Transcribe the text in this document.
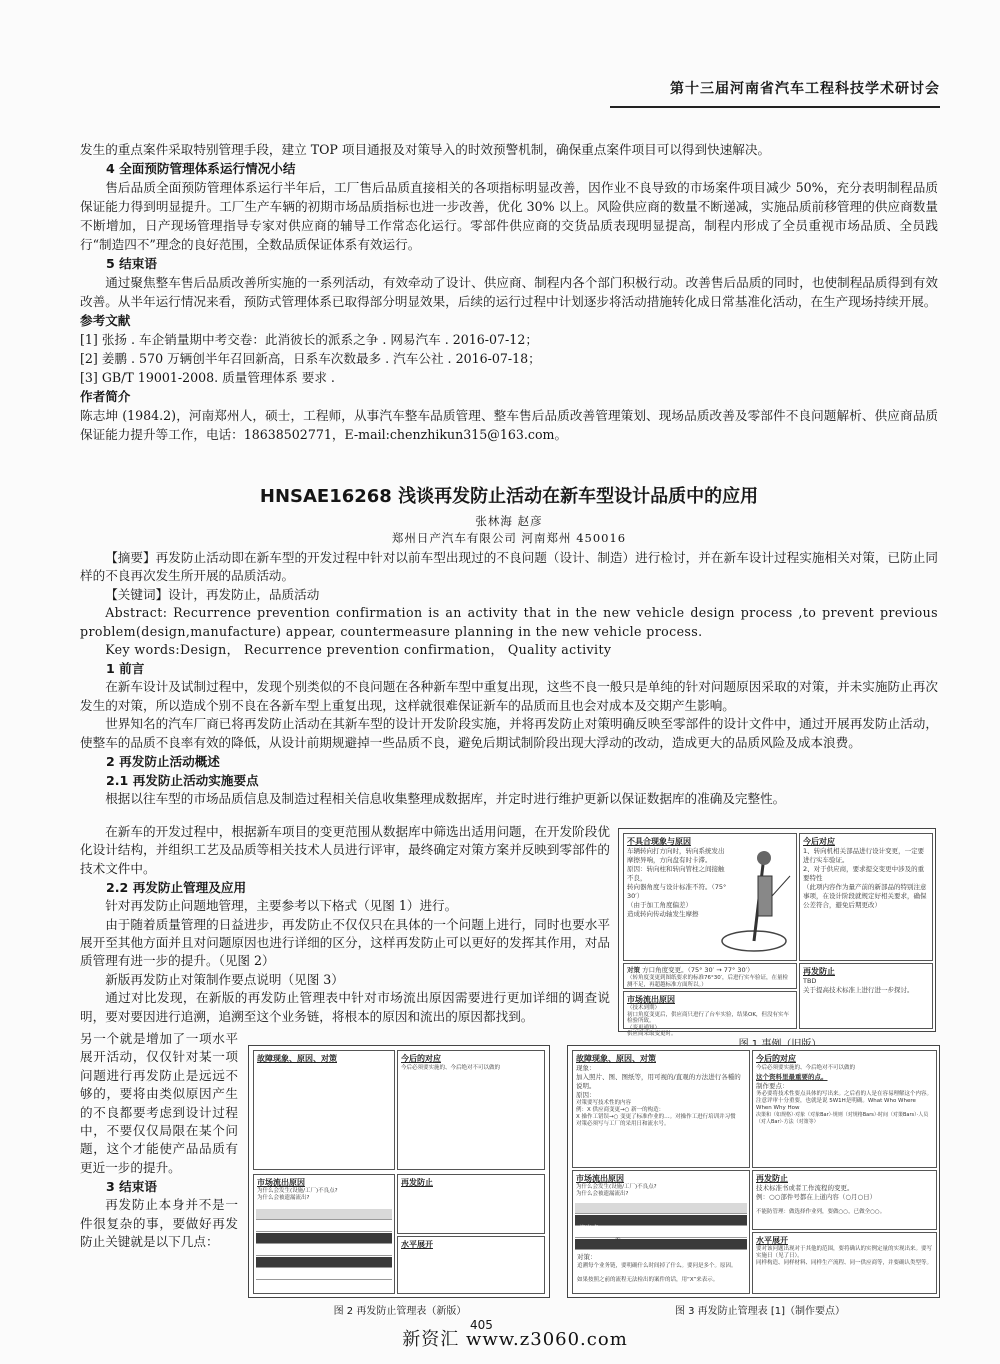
第十三届河南省汽车工程科技学术研讨会

发生的重点案件采取特别管理手段，建立 TOP 项目通报及对策导入的时效预警机制，确保重点案件项目可以得到快速解决。

4 全面预防管理体系运行情况小结

售后品质全面预防管理体系运行半年后，工厂售后品质直接相关的各项指标明显改善，因作业不良导致的市场案件项目减少 50%，充分表明制程品质保证能力得到明显提升。工厂生产车辆的初期市场品质指标也进一步改善，优化 30% 以上。风险供应商的数量不断递减，实施品质前移管理的供应商数量不断增加，日产现场管理指导专家对供应商的辅导工作常态化运行。零部件供应商的交货品质表现明显提高，制程内形成了全员重视市场品质、全员践行“制造四不”理念的良好范围，全数品质保证体系有效运行。

5 结束语

通过聚焦整车售后品质改善所实施的一系列活动，有效牵动了设计、供应商、制程内各个部门积极行动。改善售后品质的同时，也使制程品质得到有效改善。从半年运行情况来看，预防式管理体系已取得部分明显效果，后续的运行过程中计划逐步将活动措施转化成日常基准化活动，在生产现场持续开展。

参考文献

[1] 张扬 . 车企销量期中考交卷：此消彼长的派系之争 . 网易汽车 . 2016-07-12；

[2] 姜鹏 . 570 万辆创半年召回新高，日系车次数最多 . 汽车公社 . 2016-07-18；

[3] GB/T 19001-2008. 质量管理体系 要求 .

作者简介

陈志坤 (1984.2)，河南郑州人，硕士，工程师，从事汽车整车品质管理、整车售后品质改善管理策划、现场品质改善及零部件不良问题解析、供应商品质保证能力提升等工作，电话：18638502771，E-mail:chenzhikun315@163.com。

HNSAE16268 浅谈再发防止活动在新车型设计品质中的应用
张林海 赵彦
郑州日产汽车有限公司 河南郑州 450016

【摘要】再发防止活动即在新车型的开发过程中针对以前车型出现过的不良问题（设计、制造）进行检讨，并在新车设计过程实施相关对策，已防止同样的不良再次发生所开展的品质活动。

【关键词】设计，再发防止，品质活动

Abstract: Recurrence prevention confirmation is an activity that in the new vehicle design process ,to prevent previous problem(design,manufacture) appear, countermeasure planning in the new vehicle process.

Key words:Design， Recurrence prevention confirmation， Quality activity

1 前言

在新车设计及试制过程中，发现个别类似的不良问题在各种新车型中重复出现，这些不良一般只是单纯的针对问题原因采取的对策，并未实施防止再次发生的对策，所以造成个别不良在各新车型上重复出现，这样就很难保证新车的品质而且也会对成本及交期产生影响。

世界知名的汽车厂商已将再发防止活动在其新车型的设计开发阶段实施，并将再发防止对策明确反映至零部件的设计文件中，通过开展再发防止活动，使整车的品质不良率有效的降低，从设计前期规避掉一些品质不良，避免后期试制阶段出现大浮动的改动，造成更大的品质风险及成本浪费。

2 再发防止活动概述
2.1 再发防止活动实施要点

根据以往车型的市场品质信息及制造过程相关信息收集整理成数据库，并定时进行维护更新以保证数据库的准确及完整性。

在新车的开发过程中，根据新车项目的变更范围从数据库中筛选出适用问题，在开发阶段优化设计结构，并组织工艺及品质等相关技术人员进行评审，最终确定对策方案并反映到零部件的技术文件中。

2.2 再发防止管理及应用

针对再发防止问题地管理，主要参考以下格式（见图 1）进行。

由于随着质量管理的日益进步，再发防止不仅仅只在具体的一个问题上进行，同时也要水平展开至其他方面并且对问题原因也进行详细的区分，这样再发防止可以更好的发挥其作用，对品质管理有进一步的提升。（见图 2）

新版再发防止对策制作要点说明（见图 3）

通过对比发现，在新版的再发防止管理表中针对市场流出原因需要进行更加详细的调查说明，要对要因进行追溯，追溯至这个业务链，将根本的原因和流出的原因都找到。

另一个就是增加了一项水平展开活动，仅仅针对某一项问题进行再发防止是远远不够的，要将由类似原因产生的不良都要考虑到设计过程中，不要仅仅局限在某个问题，这个才能使产品品质有更近一步的提升。

3 结束语

再发防止本身并不是一件很复杂的事，要做好再发防止关键就是以下几点：

不具合现象与原因
车辆转向打方向时，转向系统发出摩擦异响，方向盘有时卡滞。
原因：转向柱和转向管柱之间接触不良，
转向器角度与设计标准不符。（75° 30′）
（由于加工角度偏差）
造成转向传动轴发生摩擦
今后对应
1、转向机相关部品进行设计变更，一定要进行实车验证。
2、对于供应商，要求提交变更中涉及的重要特性
（此项内容作为量产前的新部品的特别注意事项，在设计阶段就规定好相关要求，确保公差符合，避免后期更改）
对策 方口角度变更。（75° 30′ → 77° 30′）
（转角度变更到图纸要求的标准76°30′，后进行实车验证，在量检测不足，再超越标准方面所以。）
市场流出原因
（技术到期）
初口角度变更后，供应商只进行了台车实验，结果OK，但没有实车检验所致。
（变更通知）
供应商采取变更时。
再发防止
TBD
关于提高技术标准上进行进一步探讨。
故障现象、原因、对策	今后的对应
今后必须要实施的、今后绝对不可以做的
市场流出原因
为什么会发生(设施/工厂)不良点?
为什么会被遗漏流出?
再发防止
水平展开
图 2 再发防止管理表（新版）
故障现象、原因、对策
现象：
加入照片、图、图纸等，用可视的/直观的方法进行各種的说明。
原因：
对策要写技术性的内容
例：X 供应商变更→○ 新一的构造：
X 操作工错误→○ 变更了标准作业的…。对操作工进行培训并习惯
对策必须写与工厂的采用日和流水号。
今后的对应
今后必须要实施的、今后绝对不可以做的
这个资料里最重要的点。
制作要点：
务必要将技术性要点具体的写出来。之后看的人是在容易理解这个内容。注意评审十分重要，也就是说 5W1H是明确。What Who Where When Why How
决策和（如规格）·对象（对象Bar）·规则（对规格Bars）·时间（对策Bars）·人员（对人Bar）·方法（对策等）
市场流出原因
为什么会发生(设施/工厂)不良点?
为什么会被遗漏流出?
流出点
对策：
追溯每个业务链，要明确什么时间掉了什么。要问是多个。原因。
如果按照之前的流程无法检出的案件的话，用“X”来表示。
再发防止
技术标准书或者工作流程的变更。
例：○○部件号都在上道内容（○月○日）
不能防管理：做选择作业列，要做○○，已做全○○。
水平展开
要对该问题出现对于其他的范围，要将确认的实例定量的实现出来。要写实施日（见了日）。
同样构造、同样材料、同样生产流程、同一供应商等，并要确认类型等。
图 3 再发防止管理表 [1]（制作要点）
405
新资汇 www.z3060.com
